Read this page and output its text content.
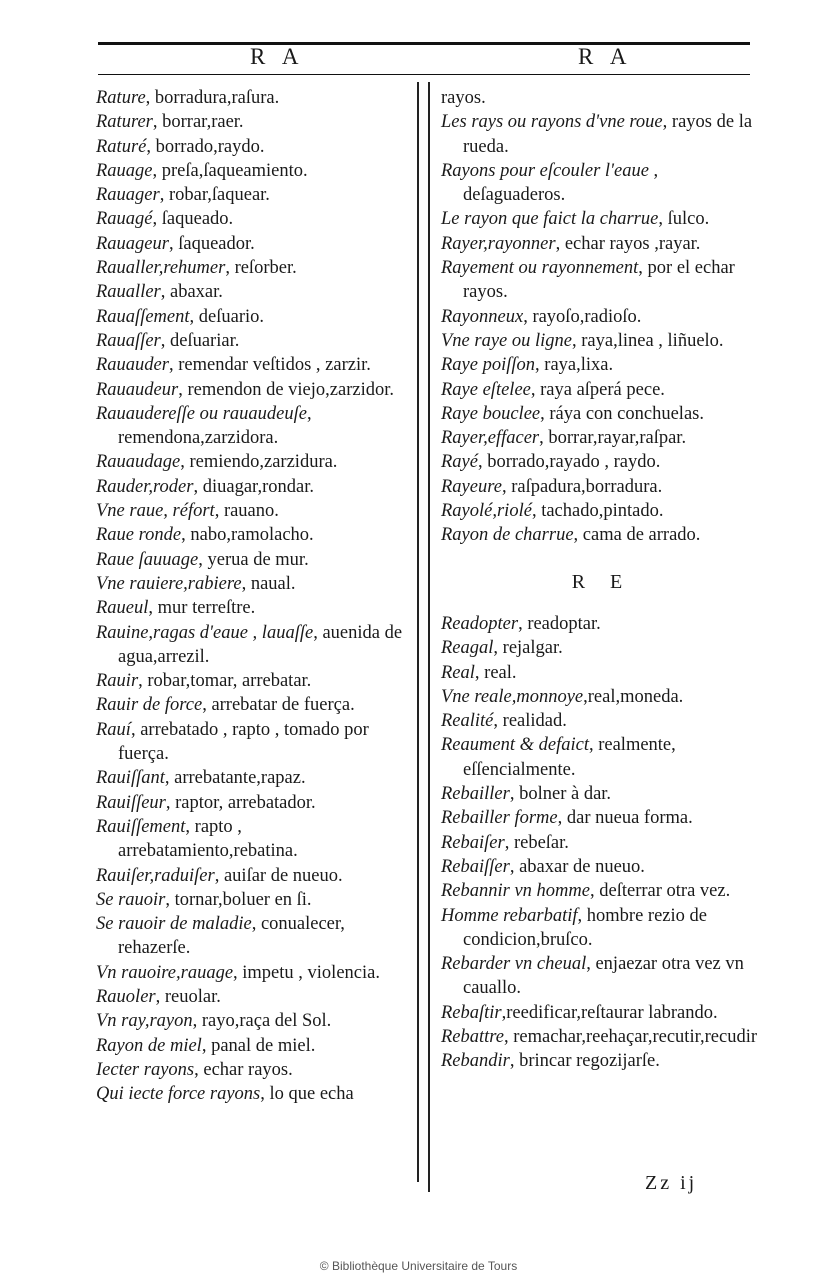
R A	R A

Rature, borradura,raſura.

Raturer, borrar,raer.

Raturé, borrado,raydo.

Rauage, preſa,ſaqueamiento.

Rauager, robar,ſaquear.

Rauagé, ſaqueado.

Rauageur, ſaqueador.

Raualler,rehumer, reſorber.

Raualler, abaxar.

Rauaſſement, deſuario.

Rauaſſer, deſuariar.

Rauauder, remendar veſtidos , zarzir.

Rauaudeur, remendon de viejo,zarzidor.

Rauaudereſſe ou rauaudeuſe, remendona,zarzidora.

Rauaudage, remiendo,zarzidura.

Rauder,roder, diuagar,rondar.

Vne raue, réfort, rauano.

Raue ronde, nabo,ramolacho.

Raue ſauuage, yerua de mur.

Vne rauiere,rabiere, naual.

Raueul, mur terreſtre.

Rauine,ragas d'eaue , lauaſſe, auenida de agua,arrezil.

Rauir, robar,tomar, arrebatar.

Rauir de force, arrebatar de fuerça.

Rauí, arrebatado , rapto , tomado por fuerça.

Rauiſſant, arrebatante,rapaz.

Rauiſſeur, raptor, arrebatador.

Rauiſſement, rapto , arrebatamiento,rebatina.

Rauiſer,raduiſer, auiſar de nueuo.

Se rauoir, tornar,boluer en ſi.

Se rauoir de maladie, conualecer, rehazerſe.

Vn rauoire,rauage, impetu , violencia.

Rauoler, reuolar.

Vn ray,rayon, rayo,raça del Sol.

Rayon de miel, panal de miel.

Iecter rayons, echar rayos.

Qui iecte force rayons, lo que echa

rayos.

Les rays ou rayons d'vne roue, rayos de la rueda.

Rayons pour eſcouler l'eaue , deſaguaderos.

Le rayon que faict la charrue, ſulco.

Rayer,rayonner, echar rayos ,rayar.

Rayement ou rayonnement, por el echar rayos.

Rayonneux, rayoſo,radioſo.

Vne raye ou ligne, raya,linea , liñuelo.

Raye poiſſon, raya,lixa.

Raye eſtelee, raya aſperá pece.

Raye bouclee, ráya con conchuelas.

Rayer,effacer, borrar,rayar,raſpar.

Rayé, borrado,rayado , raydo.

Rayeure, raſpadura,borradura.

Rayolé,riolé, tachado,pintado.

Rayon de charrue, cama de arrado.

R E

Readopter, readoptar.

Reagal, rejalgar.

Real, real.

Vne reale,monnoye,real,moneda.

Realité, realidad.

Reaument & defaict, realmente, eſſencialmente.

Rebailler, bolner à dar.

Rebailler forme, dar nueua forma.

Rebaiſer, rebeſar.

Rebaiſſer, abaxar de nueuo.

Rebannir vn homme, deſterrar otra vez.

Homme rebarbatif, hombre rezio de condicion,bruſco.

Rebarder vn cheual, enjaezar otra vez vn cauallo.

Rebaſtir,reedificar,reſtaurar labrando.

Rebattre, remachar,reehaçar,recutir,recudir

Rebandir, brincar regozijarſe.

Zz ij
© Bibliothèque Universitaire de Tours
